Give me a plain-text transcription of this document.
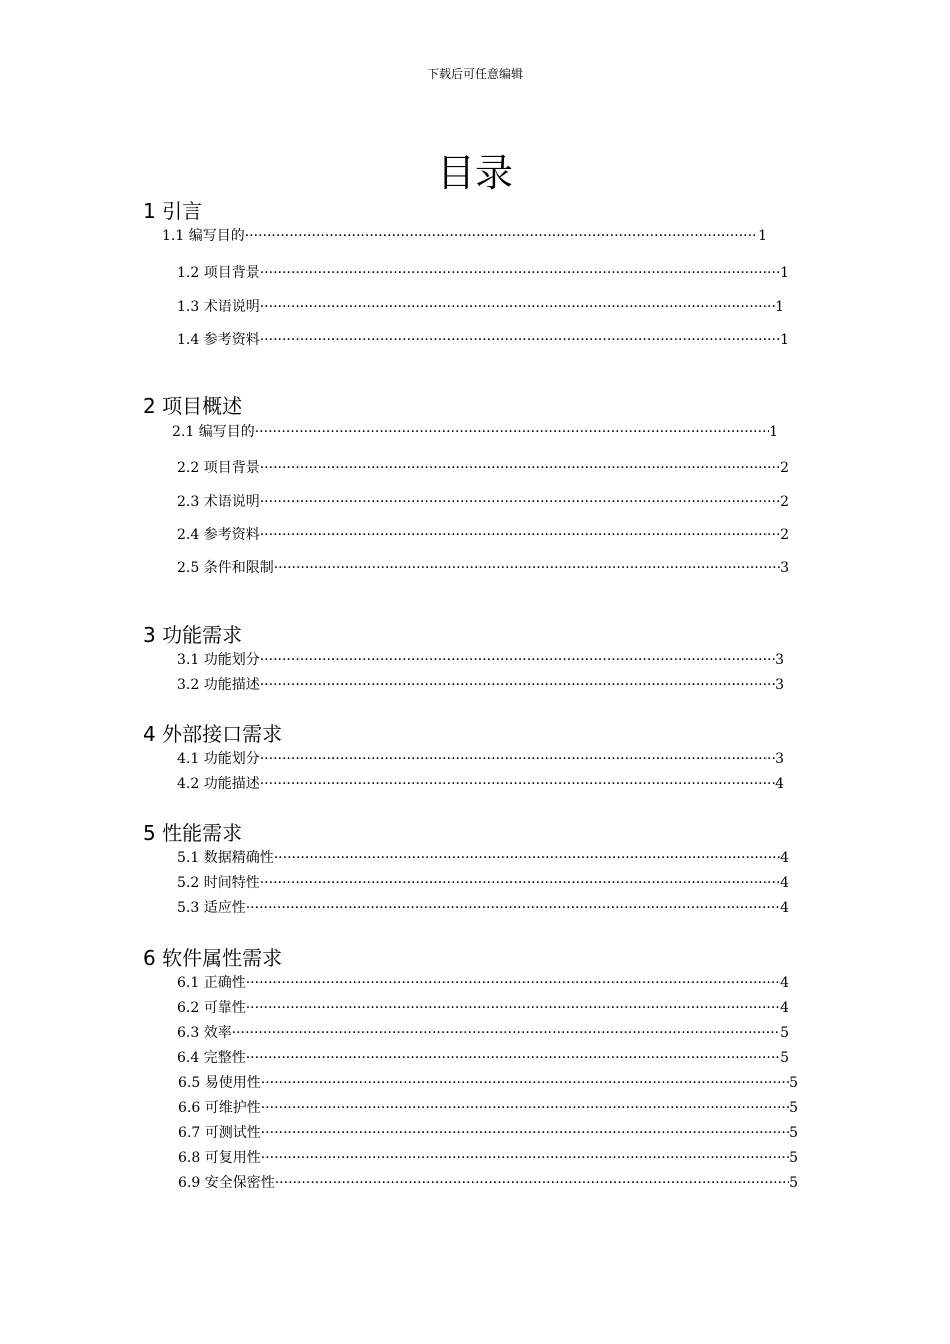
下载后可任意编辑
目录
1 引言
1.1 编写目的 ·····	1
1.2 项目背景 ·····	1
1.3 术语说明 ·····	1
1.4 参考资料 ·····	1
2 项目概述
2.1 编写目的 ·····	1
2.2 项目背景 ·····	2
2.3 术语说明 ·····	2
2.4 参考资料 ·····	2
2.5 条件和限制 ·····	3
3 功能需求
3.1 功能划分 ·····	3
3.2 功能描述 ·····	3
4 外部接口需求
4.1 功能划分 ·····	3
4.2 功能描述 ·····	4
5 性能需求
5.1 数据精确性 ·····	4
5.2 时间特性 ·····	4
5.3 适应性 ·····	4
6 软件属性需求
6.1 正确性 ·····	4
6.2 可靠性 ·····	4
6.3 效率 ·····	5
6.4 完整性 ·····	5
6.5 易使用性 ·····	5
6.6 可维护性 ·····	5
6.7 可测试性 ·····	5
6.8 可复用性 ·····	5
6.9 安全保密性 ·····	5
